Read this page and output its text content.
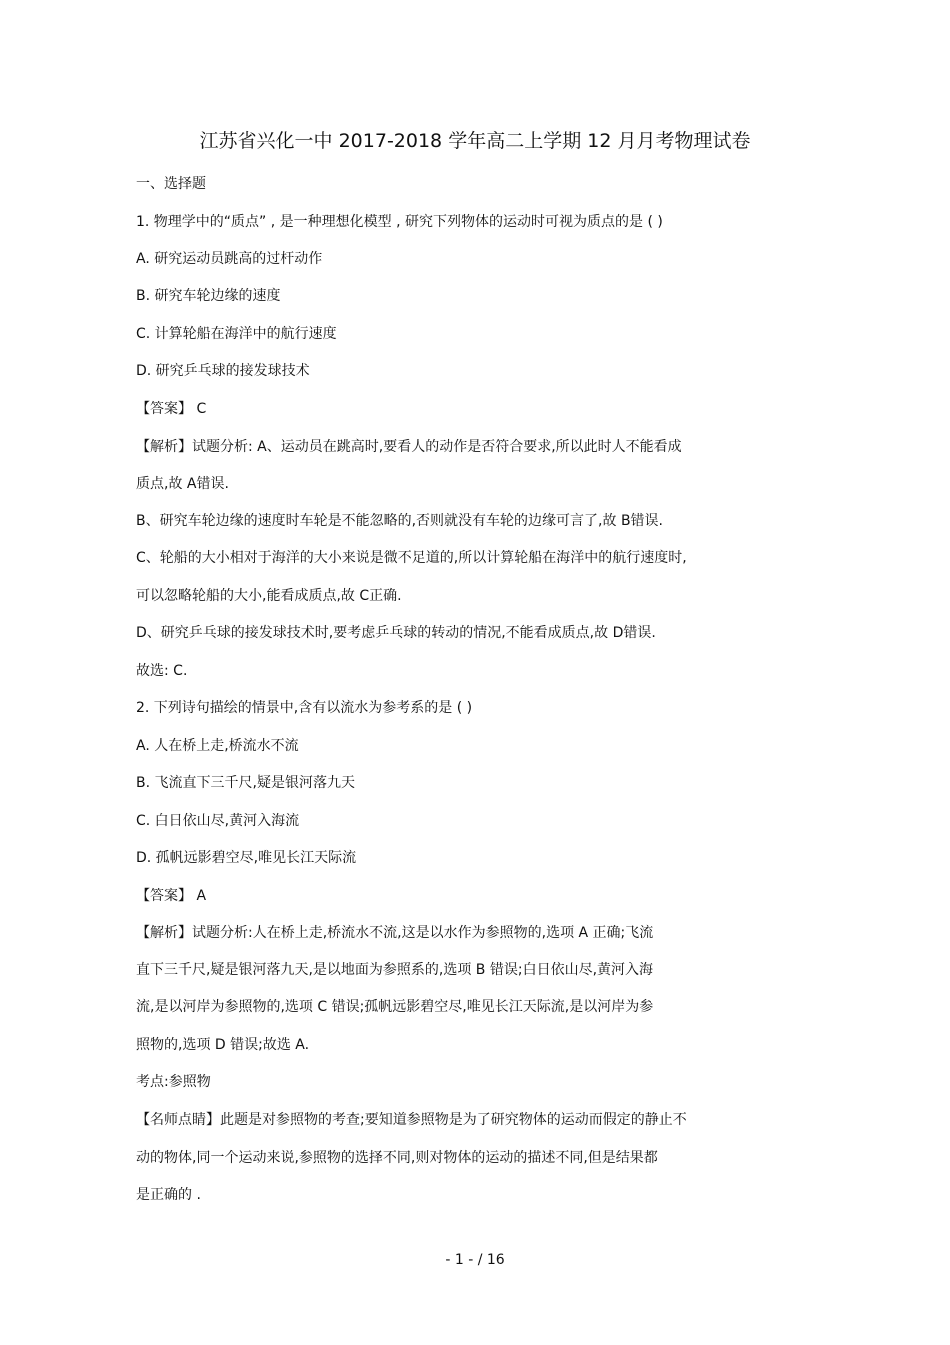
江苏省兴化一中 2017-2018 学年高二上学期 12 月月考物理试卷
一、选择题
1. 物理学中的“质点” , 是一种理想化模型 , 研究下列物体的运动时可视为质点的是 ( )
A. 研究运动员跳高的过杆动作
B. 研究车轮边缘的速度
C. 计算轮船在海洋中的航行速度
D. 研究乒乓球的接发球技术
【答案】 C
【解析】试题分析: A、运动员在跳高时,要看人的动作是否符合要求,所以此时人不能看成
质点,故 A错误.
B、研究车轮边缘的速度时车轮是不能忽略的,否则就没有车轮的边缘可言了,故 B错误.
C、轮船的大小相对于海洋的大小来说是微不足道的,所以计算轮船在海洋中的航行速度时,
可以忽略轮船的大小,能看成质点,故 C正确.
D、研究乒乓球的接发球技术时,要考虑乒乓球的转动的情况,不能看成质点,故 D错误.
故选: C.
2. 下列诗句描绘的情景中,含有以流水为参考系的是 ( )
A. 人在桥上走,桥流水不流
B. 飞流直下三千尺,疑是银河落九天
C. 白日依山尽,黄河入海流
D. 孤帆远影碧空尽,唯见长江天际流
【答案】 A
【解析】试题分析:人在桥上走,桥流水不流,这是以水作为参照物的,选项 A 正确;飞流
直下三千尺,疑是银河落九天,是以地面为参照系的,选项 B 错误;白日依山尽,黄河入海
流,是以河岸为参照物的,选项 C 错误;孤帆远影碧空尽,唯见长江天际流,是以河岸为参
照物的,选项 D 错误;故选 A.
考点:参照物
【名师点睛】此题是对参照物的考查;要知道参照物是为了研究物体的运动而假定的静止不
动的物体,同一个运动来说,参照物的选择不同,则对物体的运动的描述不同,但是结果都
是正确的 .
- 1 - / 16
